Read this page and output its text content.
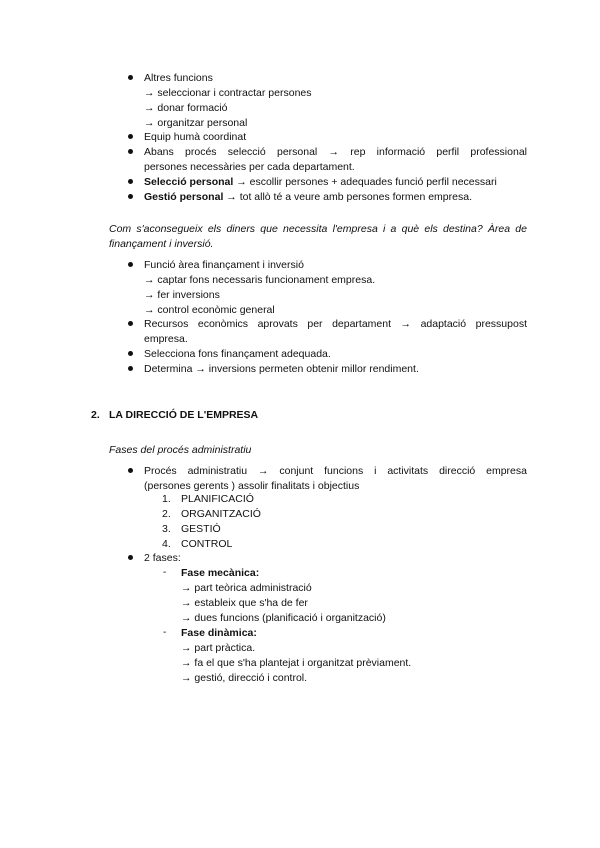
Altres funcions
→ seleccionar i contractar persones
→ donar formació
→ organitzar personal
Equip humà coordinat
Abans procés selecció personal → rep informació perfil professional
persones necessàries per cada departament.
Selecció personal → escollir persones + adequades funció perfil necessari
Gestió personal → tot allò té a veure amb persones formen empresa.
Com s'aconsegueix els diners que necessita l'empresa i a què els destina? Àrea de
finançament i inversió.
Funció àrea finançament i inversió
→ captar fons necessaris funcionament empresa.
→ fer inversions
→ control econòmic general
Recursos econòmics aprovats per departament → adaptació pressupost
empresa.
Selecciona fons finançament adequada.
Determina → inversions permeten obtenir millor rendiment.
2. LA DIRECCIÓ DE L'EMPRESA
Fases del procés administratiu
Procés administratiu → conjunt funcions i activitats direcció empresa
(persones gerents ) assolir finalitats i objectius
1. PLANIFICACIÓ
2. ORGANITZACIÓ
3. GESTIÓ
4. CONTROL
2 fases:
- Fase mecànica:
→ part teòrica administració
→ estableix que s'ha de fer
→ dues funcions (planificació i organització)
- Fase dinàmica:
→ part pràctica.
→ fa el que s'ha plantejat i organitzat prèviament.
→ gestió, direcció i control.
